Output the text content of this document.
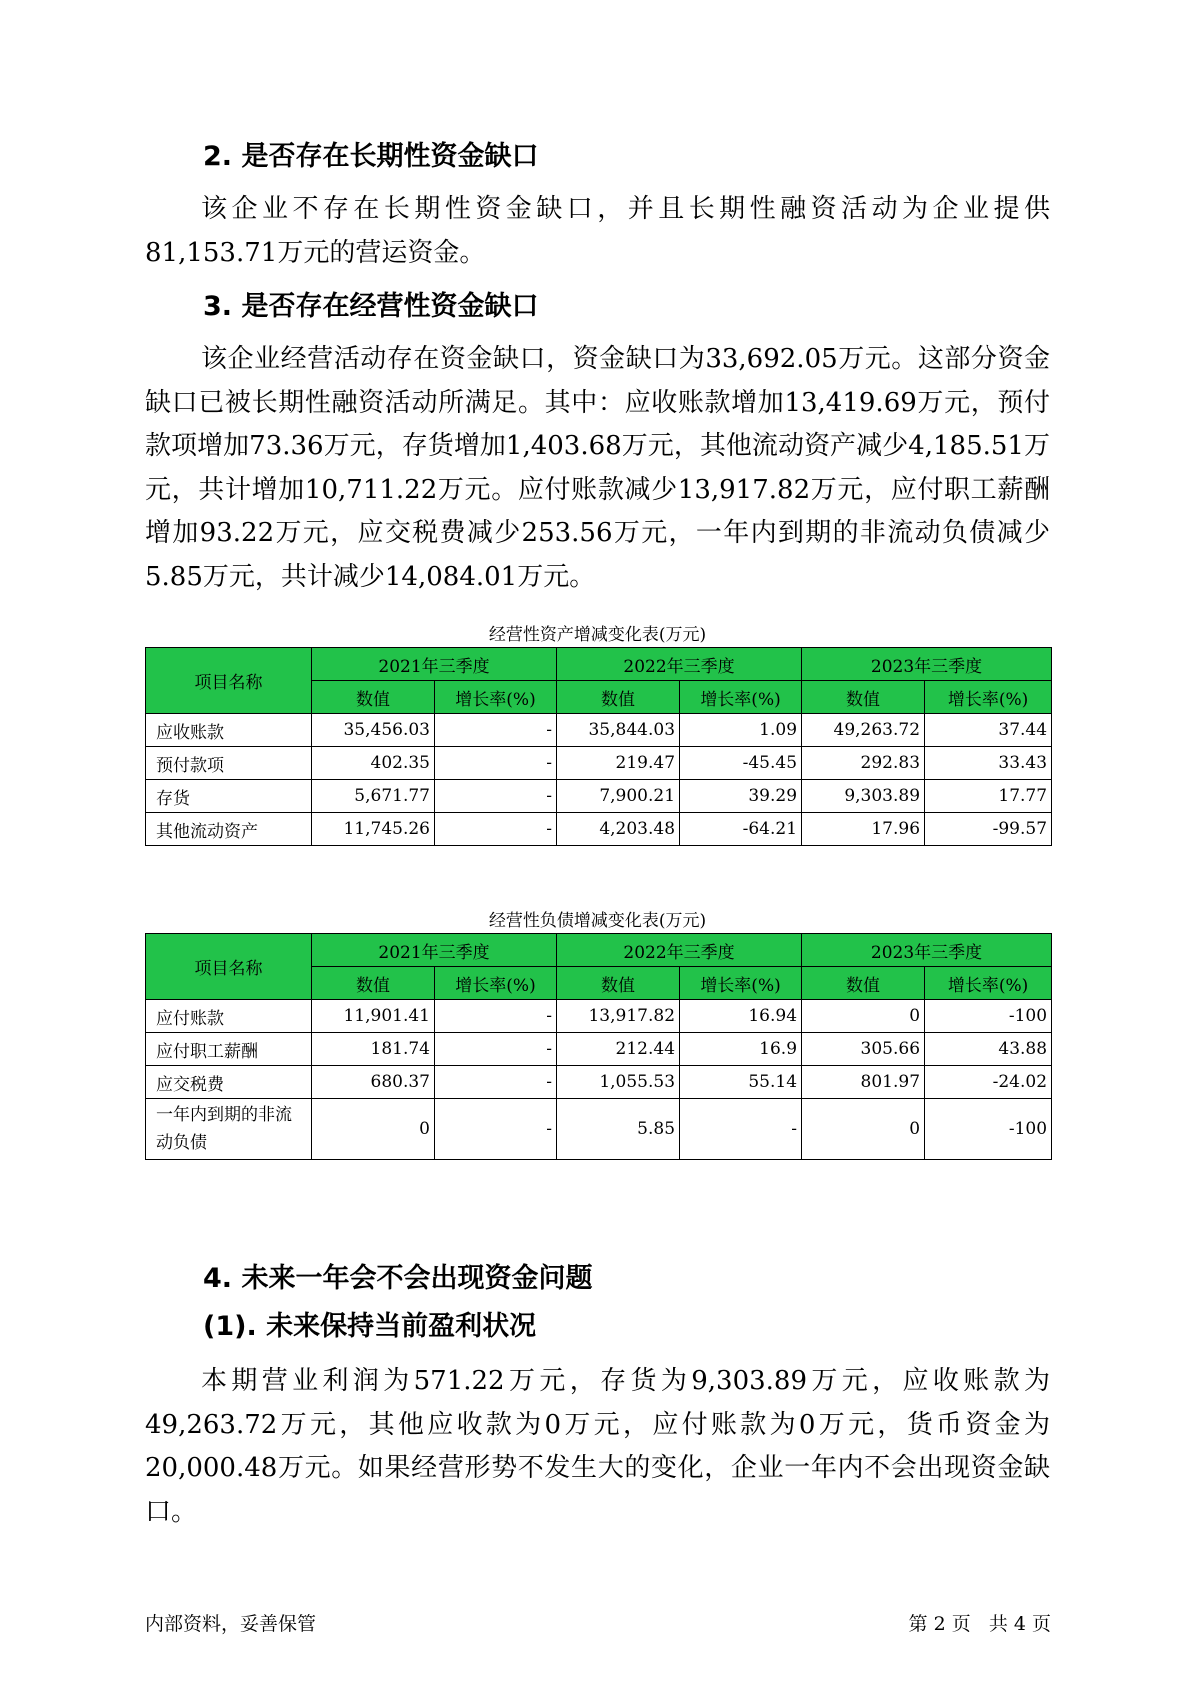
2. 是否存在长期性资金缺口

该企业不存在长期性资金缺口，并且长期性融资活动为企业提供81,153.71万元的营运资金。

3. 是否存在经营性资金缺口

该企业经营活动存在资金缺口，资金缺口为33,692.05万元。这部分资金缺口已被长期性融资活动所满足。其中：应收账款增加13,419.69万元，预付款项增加73.36万元，存货增加1,403.68万元，其他流动资产减少4,185.51万元，共计增加10,711.22万元。应付账款减少13,917.82万元，应付职工薪酬增加93.22万元，应交税费减少253.56万元，一年内到期的非流动负债减少5.85万元，共计减少14,084.01万元。

经营性资产增减变化表(万元)
项目名称	2021年三季度		2022年三季度		2023年三季度	
	数值	增长率(%)	数值	增长率(%)	数值	增长率(%)
应收账款	35,456.03	-	35,844.03	1.09	49,263.72	37.44
预付款项	402.35	-	219.47	-45.45	292.83	33.43
存货	5,671.77	-	7,900.21	39.29	9,303.89	17.77
其他流动资产	11,745.26	-	4,203.48	-64.21	17.96	-99.57
经营性负债增减变化表(万元)
项目名称	2021年三季度		2022年三季度		2023年三季度	
	数值	增长率(%)	数值	增长率(%)	数值	增长率(%)
应付账款	11,901.41	-	13,917.82	16.94	0	-100
应付职工薪酬	181.74	-	212.44	16.9	305.66	43.88
应交税费	680.37	-	1,055.53	55.14	801.97	-24.02
一年内到期的非流动负债	0	-	5.85	-	0	-100
4. 未来一年会不会出现资金问题
(1). 未来保持当前盈利状况

本期营业利润为571.22万元，存货为9,303.89万元，应收账款为49,263.72万元，其他应收款为0万元，应付账款为0万元，货币资金为20,000.48万元。如果经营形势不发生大的变化，企业一年内不会出现资金缺口。

内部资料，妥善保管	第 2 页   共 4 页
